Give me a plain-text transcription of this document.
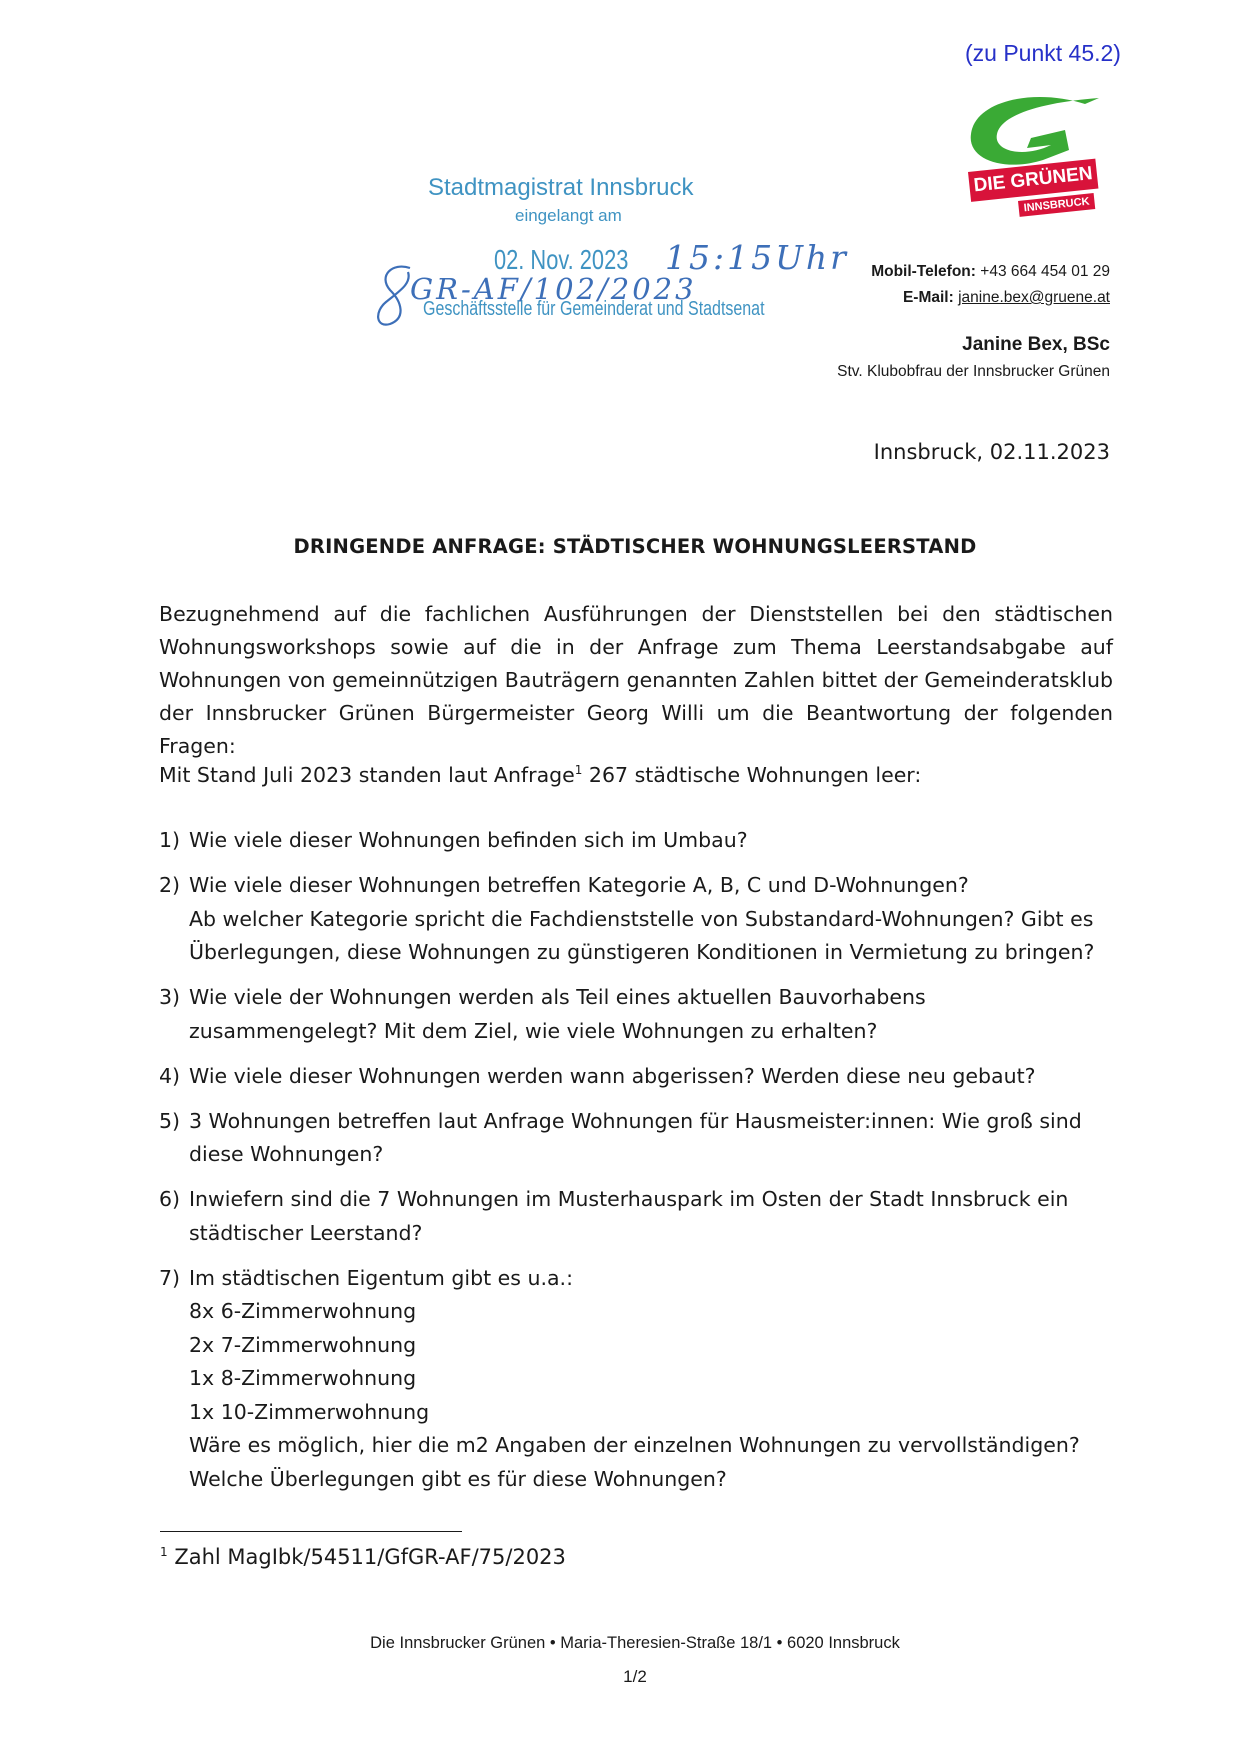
(zu Punkt 45.2)
DIE GRÜNEN
INNSBRUCK
Stadtmagistrat Innsbruck
eingelangt am
02. Nov. 2023
Geschäftsstelle für Gemeinderat und Stadtsenat
15:15Uhr
GR-AF/102/2023
Mobil-Telefon: +43 664 454 01 29
E-Mail: janine.bex@gruene.at
Janine Bex, BSc
Stv. Klubobfrau der Innsbrucker Grünen
Innsbruck, 02.11.2023
DRINGENDE ANFRAGE: STÄDTISCHER WOHNUNGSLEERSTAND
Bezugnehmend auf die fachlichen Ausführungen der Dienststellen bei den städtischen Wohnungsworkshops sowie auf die in der Anfrage zum Thema Leerstandsabgabe auf Wohnungen von gemeinnützigen Bauträgern genannten Zahlen bittet der Gemeinderatsklub der Innsbrucker Grünen Bürgermeister Georg Willi um die Beantwortung der folgenden Fragen:
Mit Stand Juli 2023 standen laut Anfrage$^1$ 267 städtische Wohnungen leer:
1) Wie viele dieser Wohnungen befinden sich im Umbau?
2) Wie viele dieser Wohnungen betreffen Kategorie A, B, C und D-Wohnungen?
Ab welcher Kategorie spricht die Fachdienststelle von Substandard-Wohnungen? Gibt es Überlegungen, diese Wohnungen zu günstigeren Konditionen in Vermietung zu bringen?
3) Wie viele der Wohnungen werden als Teil eines aktuellen Bauvorhabens zusammengelegt? Mit dem Ziel, wie viele Wohnungen zu erhalten?
4) Wie viele dieser Wohnungen werden wann abgerissen? Werden diese neu gebaut?
5) 3 Wohnungen betreffen laut Anfrage Wohnungen für Hausmeister:innen: Wie groß sind diese Wohnungen?
6) Inwiefern sind die 7 Wohnungen im Musterhauspark im Osten der Stadt Innsbruck ein städtischer Leerstand?
7) Im städtischen Eigentum gibt es u.a.:
8x 6-Zimmerwohnung
2x 7-Zimmerwohnung
1x 8-Zimmerwohnung
1x 10-Zimmerwohnung
Wäre es möglich, hier die m2 Angaben der einzelnen Wohnungen zu vervollständigen?
Welche Überlegungen gibt es für diese Wohnungen?
$^1$ Zahl MagIbk/54511/GfGR-AF/75/2023
Die Innsbrucker Grünen • Maria-Theresien-Straße 18/1 • 6020 Innsbruck
1/2
